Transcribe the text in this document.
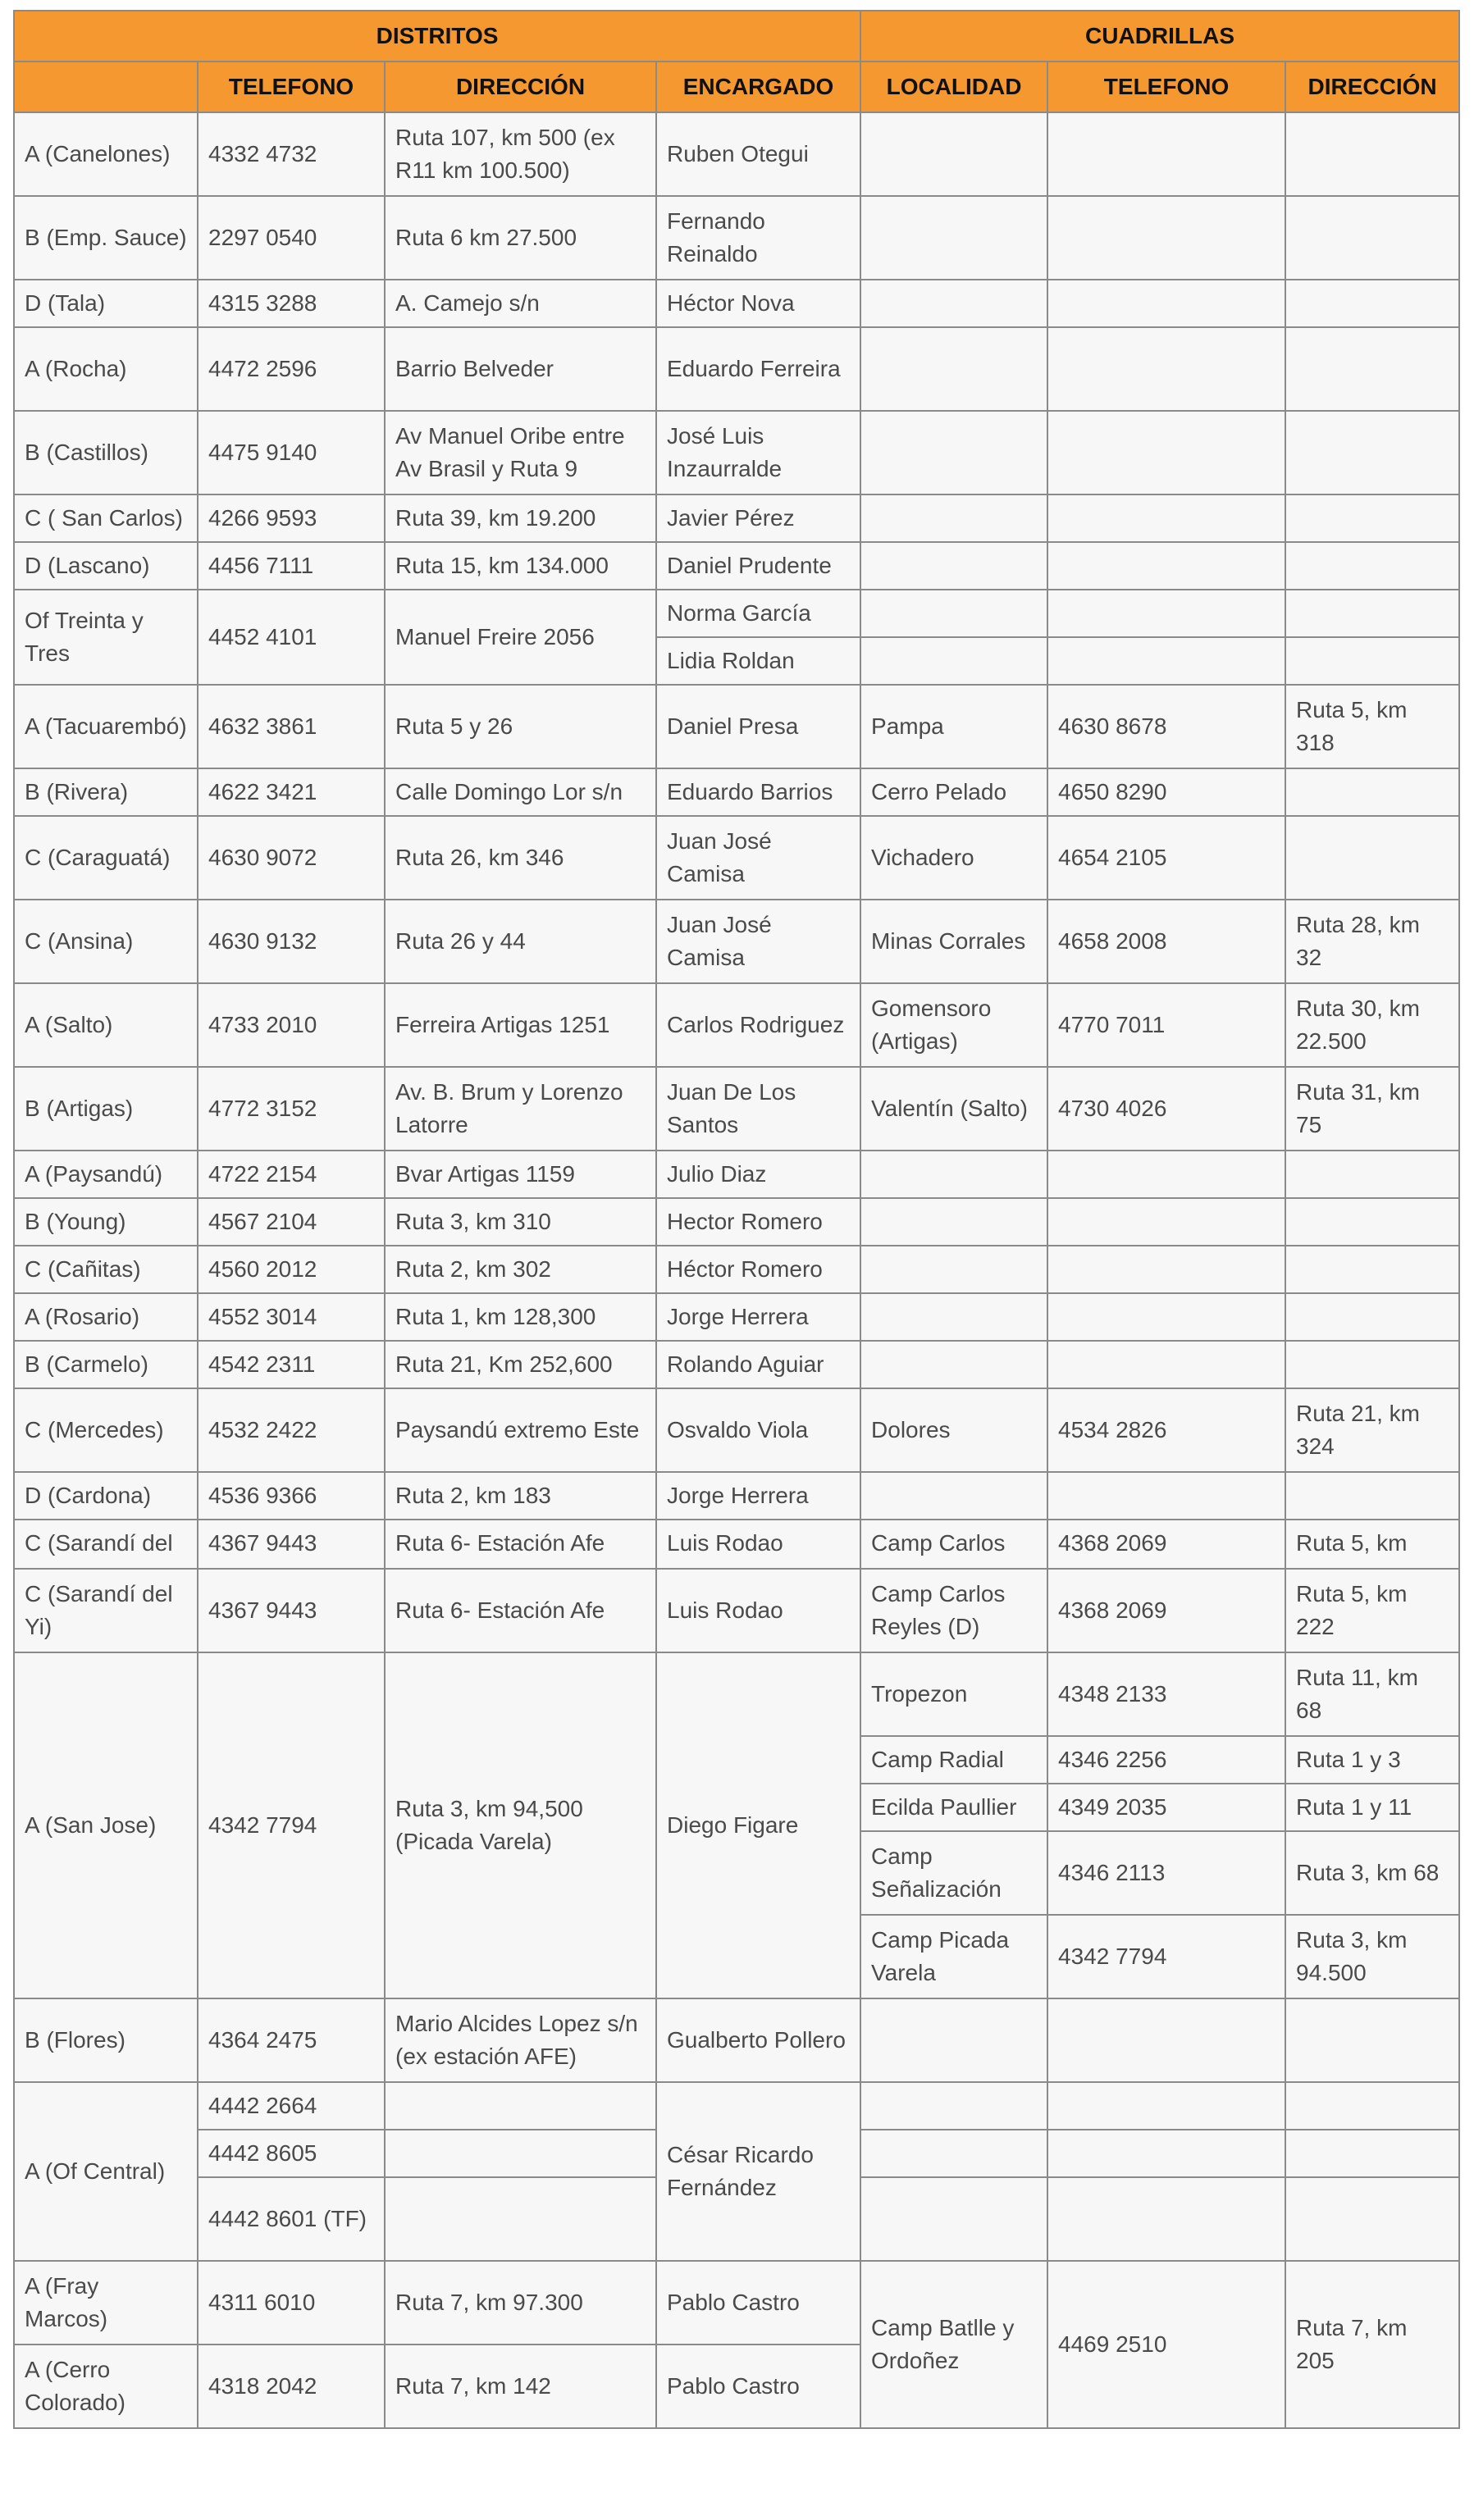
DISTRITOS				CUADRILLAS		
	TELEFONO	DIRECCIÓN	ENCARGADO	LOCALIDAD	TELEFONO	DIRECCIÓN
A (Canelones)	4332 4732	Ruta 107, km 500 (ex R11 km 100.500)	Ruben Otegui			
B (Emp. Sauce)	2297 0540	Ruta 6 km 27.500	Fernando Reinaldo			
D (Tala)	4315 3288	A. Camejo s/n	Héctor Nova			
A (Rocha)	4472 2596	Barrio Belveder	Eduardo Ferreira			
B (Castillos)	4475 9140	Av Manuel Oribe entre Av Brasil y Ruta 9	José Luis Inzaurralde			
C ( San Carlos)	4266 9593	Ruta 39, km 19.200	Javier Pérez			
D (Lascano)	4456 7111	Ruta 15, km 134.000	Daniel Prudente			
Of Treinta y Tres	4452 4101	Manuel Freire 2056	Norma García			
			Lidia Roldan			
A (Tacuarembó)	4632 3861	Ruta 5 y 26	Daniel Presa	Pampa	4630 8678	Ruta 5, km 318
B (Rivera)	4622 3421	Calle Domingo Lor s/n	Eduardo Barrios	Cerro Pelado	4650 8290	
C (Caraguatá)	4630 9072	Ruta 26, km 346	Juan José Camisa	Vichadero	4654 2105	
C (Ansina)	4630 9132	Ruta 26 y 44	Juan José Camisa	Minas Corrales	4658 2008	Ruta 28, km 32
A (Salto)	4733 2010	Ferreira Artigas 1251	Carlos Rodriguez	Gomensoro (Artigas)	4770 7011	Ruta 30, km 22.500
B (Artigas)	4772 3152	Av. B. Brum y Lorenzo Latorre	Juan De Los Santos	Valentín (Salto)	4730 4026	Ruta 31, km 75
A (Paysandú)	4722 2154	Bvar Artigas 1159	Julio Diaz			
B (Young)	4567 2104	Ruta 3, km 310	Hector Romero			
C (Cañitas)	4560 2012	Ruta 2, km 302	Héctor Romero			
A (Rosario)	4552 3014	Ruta 1, km 128,300	Jorge Herrera			
B (Carmelo)	4542 2311	Ruta 21, Km 252,600	Rolando Aguiar			
C (Mercedes)	4532 2422	Paysandú extremo Este	Osvaldo Viola	Dolores	4534 2826	Ruta 21, km 324
D (Cardona)	4536 9366	Ruta 2, km 183	Jorge Herrera			
C (Sarandí del	4367 9443	Ruta 6- Estación Afe	Luis Rodao	Camp Carlos	4368 2069	Ruta 5, km
C (Sarandí del Yi)	4367 9443	Ruta 6- Estación Afe	Luis Rodao	Camp Carlos Reyles (D)	4368 2069	Ruta 5, km 222
A (San Jose)	4342 7794	Ruta 3, km 94,500 (Picada Varela)	Diego Figare	Tropezon	4348 2133	Ruta 11, km 68
				Camp Radial	4346 2256	Ruta 1 y 3
				Ecilda Paullier	4349 2035	Ruta 1 y 11
				Camp Señalización	4346 2113	Ruta 3, km 68
				Camp Picada Varela	4342 7794	Ruta 3, km 94.500
B (Flores)	4364 2475	Mario Alcides Lopez s/n (ex estación AFE)	Gualberto Pollero			
A (Of Central)	4442 2664		César Ricardo Fernández			
	4442 8605					
	4442 8601 (TF)					
A (Fray Marcos)	4311 6010	Ruta 7, km 97.300	Pablo Castro	Camp Batlle y Ordoñez	4469 2510	Ruta 7, km 205
A (Cerro Colorado)	4318 2042	Ruta 7, km 142	Pablo Castro			
